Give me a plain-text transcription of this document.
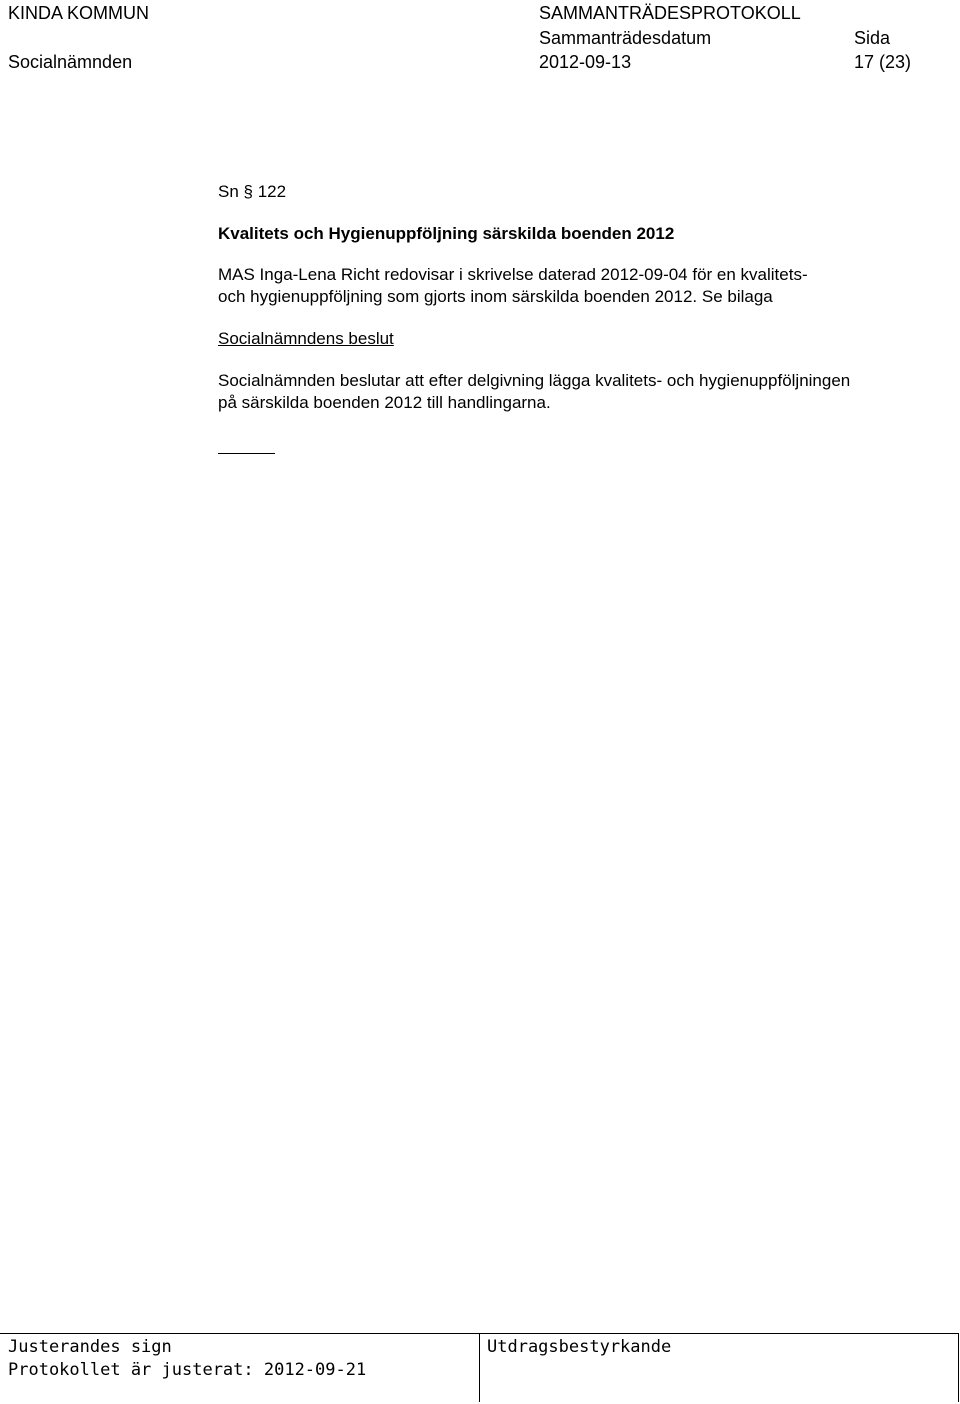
KINDA KOMMUN
Socialnämnden
SAMMANTRÄDESPROTOKOLL
Sammanträdesdatum
2012-09-13
Sida
17 (23)
Sn § 122
Kvalitets och Hygienuppföljning särskilda boenden 2012
MAS Inga-Lena Richt redovisar i skrivelse daterad 2012-09-04 för en kvalitets-
och hygienuppföljning som gjorts inom särskilda boenden 2012. Se bilaga
Socialnämndens beslut
Socialnämnden beslutar att efter delgivning lägga kvalitets- och hygienuppföljningen
på särskilda boenden 2012 till handlingarna.
Justerandes sign
Protokollet är justerat: 2012-09-21
Utdragsbestyrkande
